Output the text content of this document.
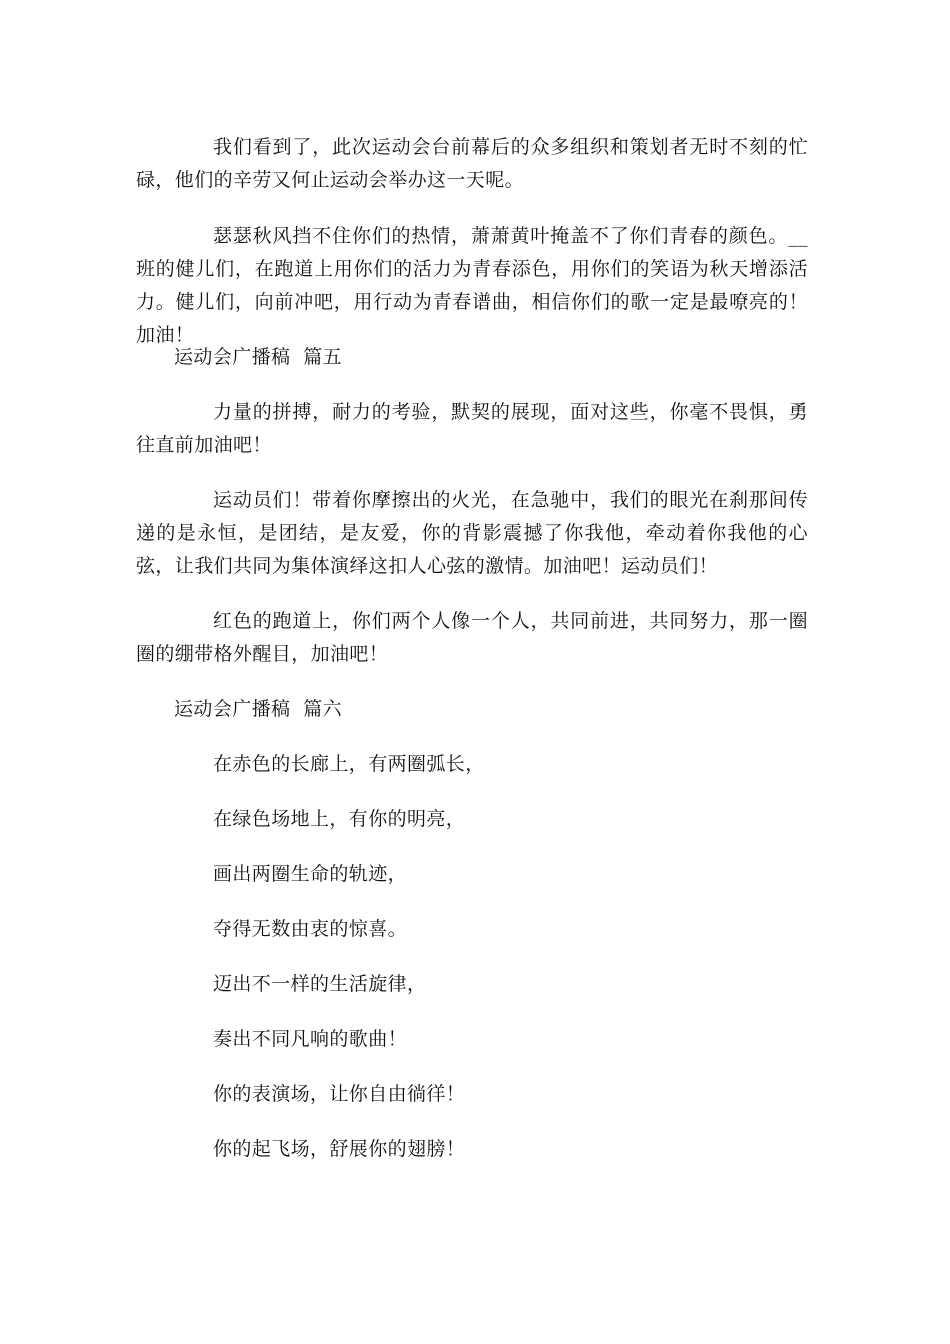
我们看到了，此次运动会台前幕后的众多组织和策划者无时不刻的忙碌，他们的辛劳又何止运动会举办这一天呢。

瑟瑟秋风挡不住你们的热情，萧萧黄叶掩盖不了你们青春的颜色。__班的健儿们，在跑道上用你们的活力为青春添色，用你们的笑语为秋天增添活力。健儿们，向前冲吧，用行动为青春谱曲，相信你们的歌一定是最嘹亮的！加油！

运动会广播稿  篇五

力量的拼搏，耐力的考验，默契的展现，面对这些，你毫不畏惧，勇往直前加油吧！

运动员们！带着你摩擦出的火光，在急驰中，我们的眼光在刹那间传递的是永恒，是团结，是友爱，你的背影震撼了你我他，牵动着你我他的心弦，让我们共同为集体演绎这扣人心弦的激情。加油吧！运动员们！

红色的跑道上，你们两个人像一个人，共同前进，共同努力，那一圈圈的绷带格外醒目，加油吧！

运动会广播稿  篇六
在赤色的长廊上，有两圈弧长，
在绿色场地上，有你的明亮，
画出两圈生命的轨迹，
夺得无数由衷的惊喜。
迈出不一样的生活旋律，
奏出不同凡响的歌曲！
你的表演场，让你自由徜徉！
你的起飞场，舒展你的翅膀！
